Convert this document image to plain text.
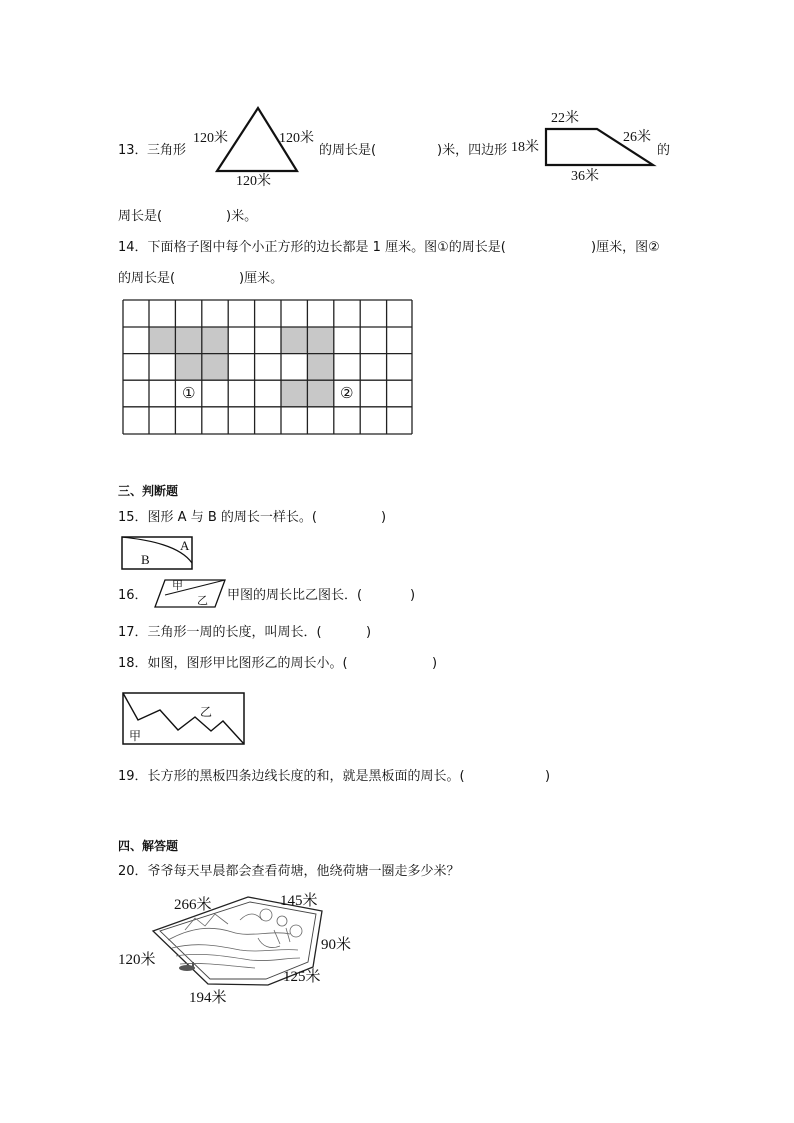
13． 三角形
120米	120米
120米
的周长是(	)米，四边形 18米
22米
26米
36米
的
周长是(	)米。
14．下面格子图中每个小正方形的边长都是 1 厘米。图①的周长是(	)厘米，图②
的周长是(	)厘米。
①	②
三、判断题
15．图形 A 与 B 的周长一样长。(	)
A
B
16．
甲
乙 甲图的周长比乙图长．(	)
17．三角形一周的长度，叫周长．(	)
18．如图，图形甲比图形乙的周长小。(	)
乙
甲
19．长方形的黑板四条边线长度的和，就是黑板面的周长。(	)
四、解答题
20．爷爷每天早晨都会查看荷塘，他绕荷塘一圈走多少米？
266米	145米
90米
125米
194米
120米
